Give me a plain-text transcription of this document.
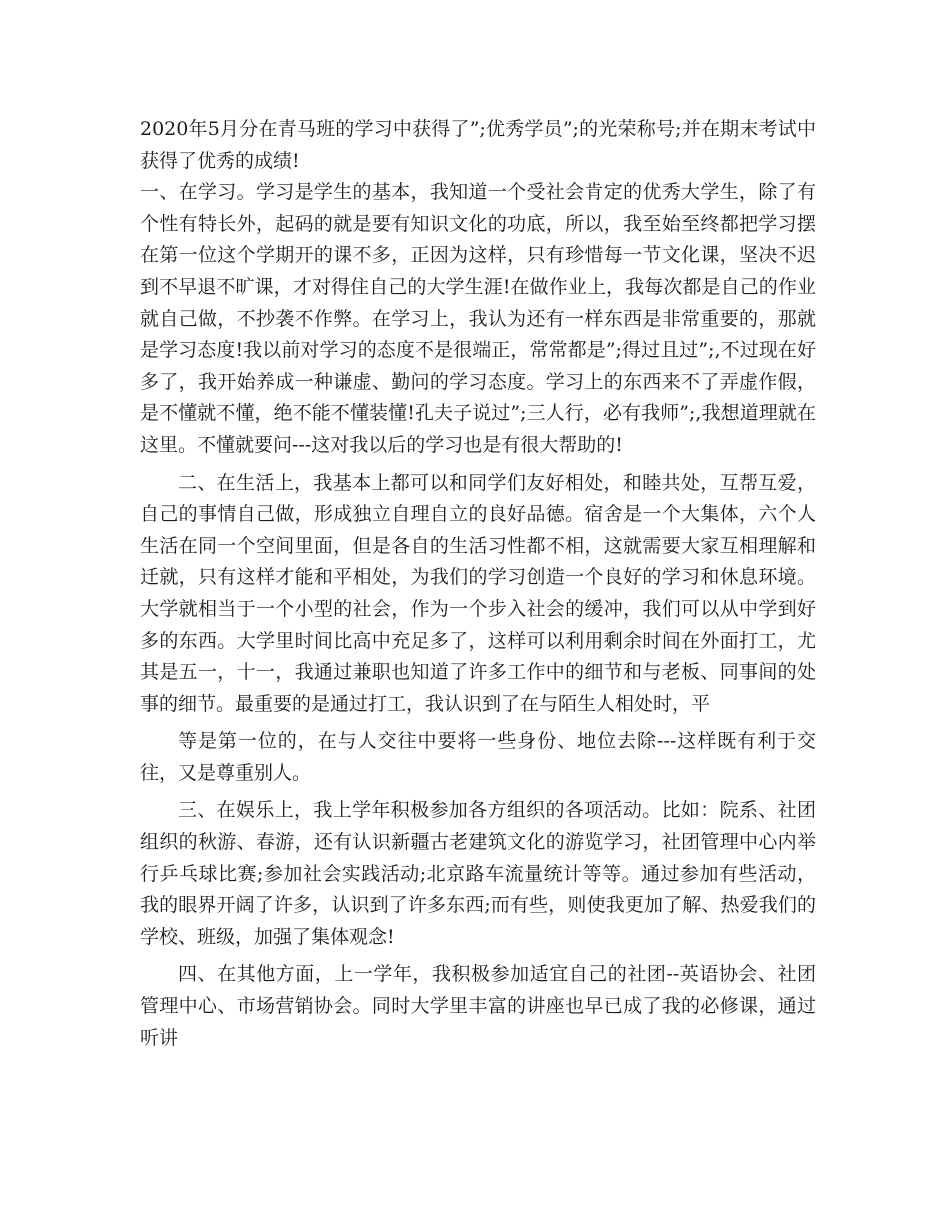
2020年5月分在青马班的学习中获得了”;优秀学员”;的光荣称号;并在期末考试中获得了优秀的成绩!

一、在学习。学习是学生的基本，我知道一个受社会肯定的优秀大学生，除了有个性有特长外，起码的就是要有知识文化的功底，所以，我至始至终都把学习摆在第一位这个学期开的课不多，正因为这样，只有珍惜每一节文化课，坚决不迟到不早退不旷课，才对得住自己的大学生涯!在做作业上，我每次都是自己的作业就自己做，不抄袭不作弊。在学习上，我认为还有一样东西是非常重要的，那就是学习态度!我以前对学习的态度不是很端正，常常都是”;得过且过”;,不过现在好多了，我开始养成一种谦虚、勤问的学习态度。学习上的东西来不了弄虚作假，是不懂就不懂，绝不能不懂装懂!孔夫子说过”;三人行，必有我师”;,我想道理就在这里。不懂就要问---这对我以后的学习也是有很大帮助的!

二、在生活上，我基本上都可以和同学们友好相处，和睦共处，互帮互爱，自己的事情自己做，形成独立自理自立的良好品德。宿舍是一个大集体，六个人生活在同一个空间里面，但是各自的生活习性都不相，这就需要大家互相理解和迁就，只有这样才能和平相处，为我们的学习创造一个良好的学习和休息环境。大学就相当于一个小型的社会，作为一个步入社会的缓冲，我们可以从中学到好多的东西。大学里时间比高中充足多了，这样可以利用剩余时间在外面打工，尤其是五一，十一，我通过兼职也知道了许多工作中的细节和与老板、同事间的处事的细节。最重要的是通过打工，我认识到了在与陌生人相处时，平

等是第一位的，在与人交往中要将一些身份、地位去除---这样既有利于交往，又是尊重别人。

三、在娱乐上，我上学年积极参加各方组织的各项活动。比如：院系、社团组织的秋游、春游，还有认识新疆古老建筑文化的游览学习，社团管理中心内举行乒乓球比赛;参加社会实践活动;北京路车流量统计等等。通过参加有些活动，我的眼界开阔了许多，认识到了许多东西;而有些，则使我更加了解、热爱我们的学校、班级，加强了集体观念!

四、在其他方面，上一学年，我积极参加适宜自己的社团--英语协会、社团管理中心、市场营销协会。同时大学里丰富的讲座也早已成了我的必修课，通过听讲
